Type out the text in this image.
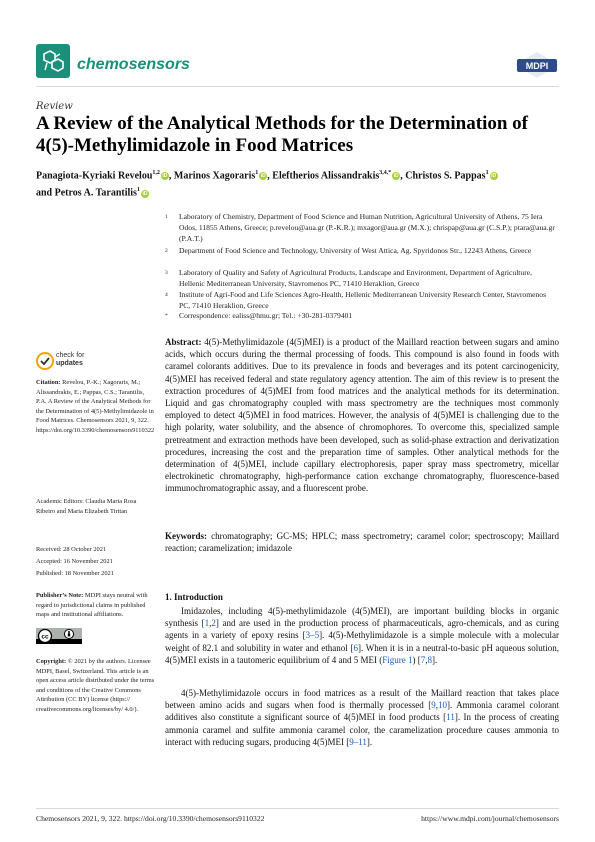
chemosensors	MDPI
Review
A Review of the Analytical Methods for the Determination of 4(5)-Methylimidazole in Food Matrices
Panagiota-Kyriaki Revelou$^{1,2}$iD , Marinos Xagoraris$^1$iD , Eleftherios Alissandrakis$^{3,4,*}$iD , Christos S. Pappas$^1$iD
and Petros A. Tarantilis$^1$iD
1 Laboratory of Chemistry, Department of Food Science and Human Nutrition, Agricultural University of Athens, 75 Iera Odos, 11855 Athens, Greece; p.revelou@aua.gr (P.-K.R.); mxagor@aua.gr (M.X.); chrispap@aua.gr (C.S.P.); ptara@aua.gr (P.A.T.)
2 Department of Food Science and Technology, University of West Attica, Ag. Spyridonos Str., 12243 Athens, Greece
3 Laboratory of Quality and Safety of Agricultural Products, Landscape and Environment, Department of Agriculture, Hellenic Mediterranean University, Stavromenos PC, 71410 Heraklion, Greece
4 Institute of Agri-Food and Life Sciences Agro-Health, Hellenic Mediterranean University Research Center, Stavromenos PC, 71410 Heraklion, Greece
* Correspondence: ealiss@hmu.gr; Tel.: +30-281-0379401
Abstract: 4(5)-Methylimidazole (4(5)MEI) is a product of the Maillard reaction between sugars and amino acids, which occurs during the thermal processing of foods. This compound is also found in foods with caramel colorants additives. Due to its prevalence in foods and beverages and its potent carcinogenicity, 4(5)MEI has received federal and state regulatory agency attention. The aim of this review is to present the extraction procedures of 4(5)MEI from food matrices and the analytical methods for its determination. Liquid and gas chromatography coupled with mass spectrometry are the techniques most commonly employed to detect 4(5)MEI in food matrices. However, the analysis of 4(5)MEI is challenging due to the high polarity, water solubility, and the absence of chromophores. To overcome this, specialized sample pretreatment and extraction methods have been developed, such as solid-phase extraction and derivatization procedures, increasing the cost and the preparation time of samples. Other analytical methods for the determination of 4(5)MEI, include capillary electrophoresis, paper spray mass spectrometry, micellar electrokinetic chromatography, high-performance cation exchange chromatography, fluorescence-based immunochromatographic assay, and a fluorescent probe.
Keywords: chromatography; GC-MS; HPLC; mass spectrometry; caramel color; spectroscopy; Maillard reaction; caramelization; imidazole
1. Introduction
Imidazoles, including 4(5)-methylimidazole (4(5)MEI), are important building blocks in organic synthesis [1,2] and are used in the production process of pharmaceuticals, agro-chemicals, and as curing agents in a variety of epoxy resins [3–5]. 4(5)-Methylimidazole is a simple molecule with a molecular weight of 82.1 and solubility in water and ethanol [6]. When it is in a neutral-to-basic pH aqueous solution, 4(5)MEI exists in a tautomeric equilibrium of 4 and 5 MEI (Figure 1) [7,8].
4(5)-Methylimidazole occurs in food matrices as a result of the Maillard reaction that takes place between amino acids and sugars when food is thermally processed [9,10]. Ammonia caramel colorant additives also constitute a significant source of 4(5)MEI in food products [11]. In the process of creating ammonia caramel and sulfite ammonia caramel color, the caramelization procedure causes ammonia to interact with reducing sugars, producing 4(5)MEI [9–11].
check for
updates
Citation: Revelou, P.-K.; Xagoraris, M.; Alissandrakis, E.; Pappas, C.S.; Tarantilis, P.A. A Review of the Analytical Methods for the Determination of 4(5)-Methylimidazole in Food Matrices. Chemosensors 2021, 9, 322. https://doi.org/10.3390/chemosensors9110322
Academic Editors: Claudia Maria Rosa Ribeiro and Maria Elizabeth Tiritan
Received: 28 October 2021
Accepted: 16 November 2021
Published: 18 November 2021
Publisher’s Note: MDPI stays neutral with regard to jurisdictional claims in published maps and institutional affiliations.
cc
Copyright: © 2021 by the authors. Licensee MDPI, Basel, Switzerland. This article is an open access article distributed under the terms and conditions of the Creative Commons Attribution (CC BY) license (https:// creativecommons.org/licenses/by/ 4.0/).
Chemosensors 2021, 9, 322. https://doi.org/10.3390/chemosensors9110322	https://www.mdpi.com/journal/chemosensors
